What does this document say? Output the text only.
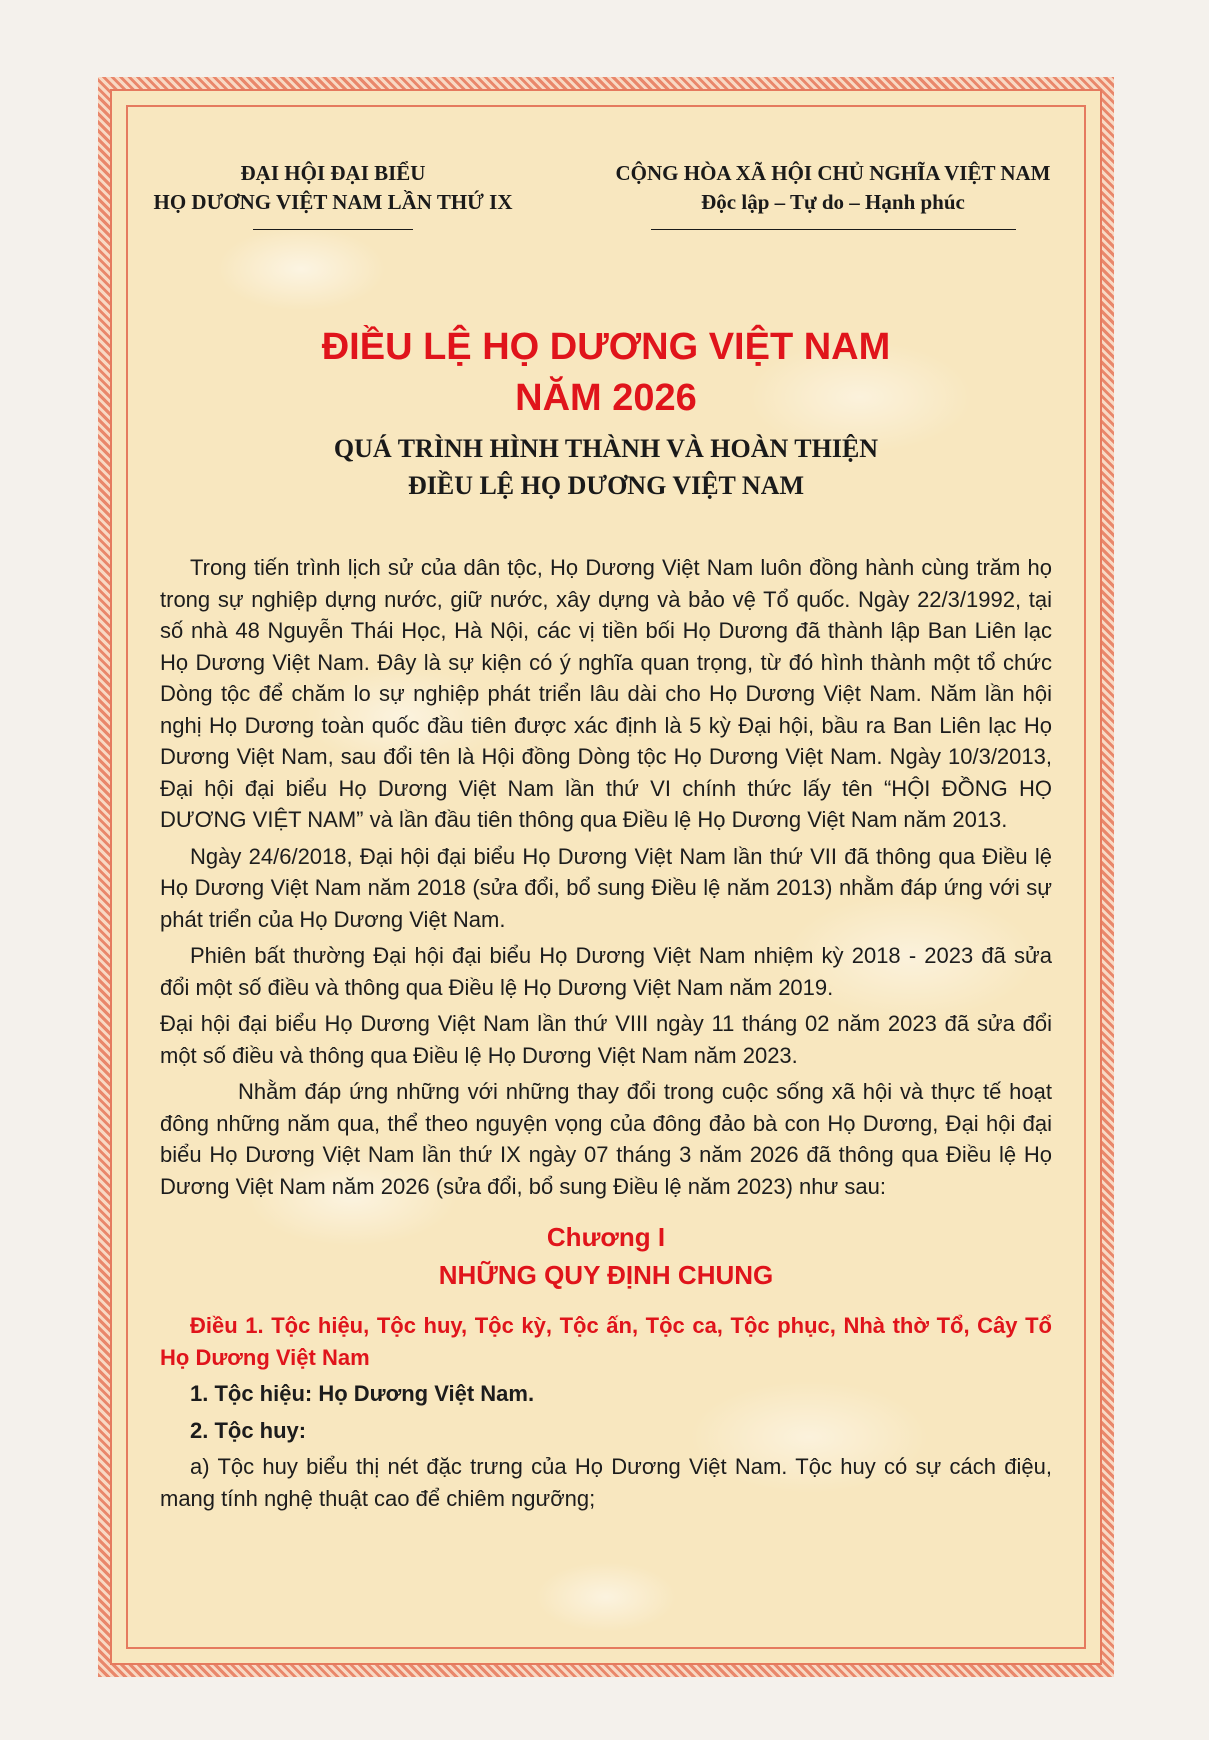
ĐẠI HỘI ĐẠI BIỂU
HỌ DƯƠNG VIỆT NAM LẦN THỨ IX
CỘNG HÒA XÃ HỘI CHỦ NGHĨA VIỆT NAM
Độc lập – Tự do – Hạnh phúc
ĐIỀU LỆ HỌ DƯƠNG VIỆT NAM
NĂM 2026
QUÁ TRÌNH HÌNH THÀNH VÀ HOÀN THIỆN
ĐIỀU LỆ HỌ DƯƠNG VIỆT NAM

Trong tiến trình lịch sử của dân tộc, Họ Dương Việt Nam luôn đồng hành cùng trăm họ trong sự nghiệp dựng nước, giữ nước, xây dựng và bảo vệ Tổ quốc. Ngày 22/3/1992, tại số nhà 48 Nguyễn Thái Học, Hà Nội, các vị tiền bối Họ Dương đã thành lập Ban Liên lạc Họ Dương Việt Nam. Đây là sự kiện có ý nghĩa quan trọng, từ đó hình thành một tổ chức Dòng tộc để chăm lo sự nghiệp phát triển lâu dài cho Họ Dương Việt Nam. Năm lần hội nghị Họ Dương toàn quốc đầu tiên được xác định là 5 kỳ Đại hội, bầu ra Ban Liên lạc Họ Dương Việt Nam, sau đổi tên là Hội đồng Dòng tộc Họ Dương Việt Nam. Ngày 10/3/2013, Đại hội đại biểu Họ Dương Việt Nam lần thứ VI chính thức lấy tên “HỘI ĐỒNG HỌ DƯƠNG VIỆT NAM” và lần đầu tiên thông qua Điều lệ Họ Dương Việt Nam năm 2013.

Ngày 24/6/2018, Đại hội đại biểu Họ Dương Việt Nam lần thứ VII đã thông qua Điều lệ Họ Dương Việt Nam năm 2018 (sửa đổi, bổ sung Điều lệ năm 2013) nhằm đáp ứng với sự phát triển của Họ Dương Việt Nam.

Phiên bất thường Đại hội đại biểu Họ Dương Việt Nam nhiệm kỳ 2018 - 2023 đã sửa đổi một số điều và thông qua Điều lệ Họ Dương Việt Nam năm 2019.

Đại hội đại biểu Họ Dương Việt Nam lần thứ VIII ngày 11 tháng 02 năm 2023 đã sửa đổi một số điều và thông qua Điều lệ Họ Dương Việt Nam năm 2023.

Nhằm đáp ứng những với những thay đổi trong cuộc sống xã hội và thực tế hoạt đông những năm qua, thể theo nguyện vọng của đông đảo bà con Họ Dương, Đại hội đại biểu Họ Dương Việt Nam lần thứ IX ngày 07 tháng 3 năm 2026 đã thông qua Điều lệ Họ Dương Việt Nam năm 2026 (sửa đổi, bổ sung Điều lệ năm 2023) như sau:

Chương I
NHỮNG QUY ĐỊNH CHUNG

Điều 1. Tộc hiệu, Tộc huy, Tộc kỳ, Tộc ấn, Tộc ca, Tộc phục, Nhà thờ Tổ, Cây Tổ Họ Dương Việt Nam

1. Tộc hiệu: Họ Dương Việt Nam.

2. Tộc huy:

a) Tộc huy biểu thị nét đặc trưng của Họ Dương Việt Nam. Tộc huy có sự cách điệu, mang tính nghệ thuật cao để chiêm ngưỡng;
